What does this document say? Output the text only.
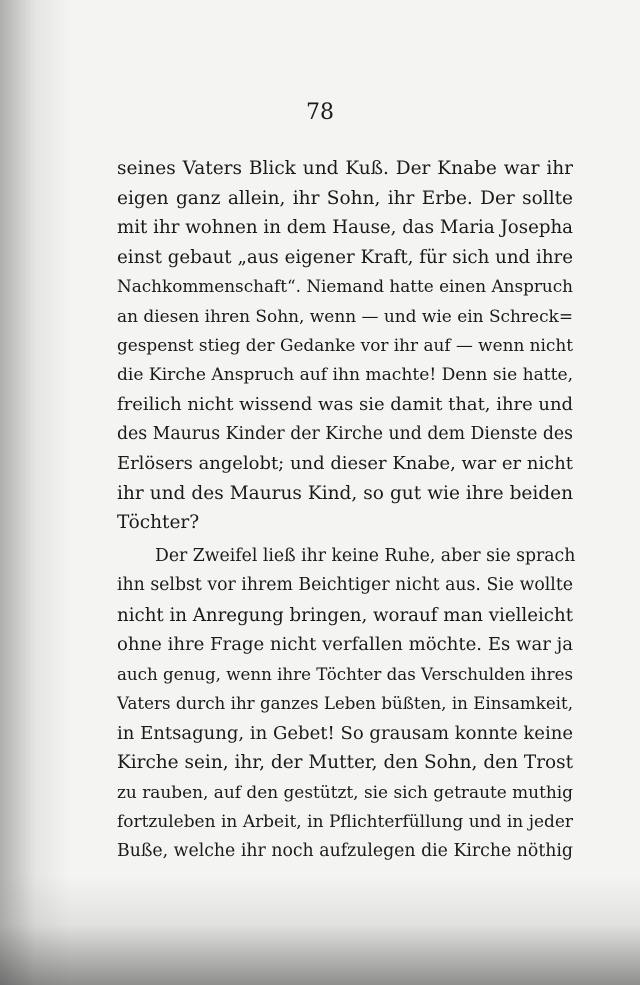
78
seines Vaters Blick und Kuß. Der Knabe war ihr
eigen ganz allein, ihr Sohn, ihr Erbe. Der sollte
mit ihr wohnen in dem Hause, das Maria Josepha
einst gebaut „aus eigener Kraft, für sich und ihre
Nachkommenschaft“. Niemand hatte einen Anspruch
an diesen ihren Sohn, wenn — und wie ein Schreck=
gespenst stieg der Gedanke vor ihr auf — wenn nicht
die Kirche Anspruch auf ihn machte! Denn sie hatte,
freilich nicht wissend was sie damit that, ihre und
des Maurus Kinder der Kirche und dem Dienste des
Erlösers angelobt; und dieser Knabe, war er nicht
ihr und des Maurus Kind, so gut wie ihre beiden
Töchter?
Der Zweifel ließ ihr keine Ruhe, aber sie sprach
ihn selbst vor ihrem Beichtiger nicht aus. Sie wollte
nicht in Anregung bringen, worauf man vielleicht
ohne ihre Frage nicht verfallen möchte. Es war ja
auch genug, wenn ihre Töchter das Verschulden ihres
Vaters durch ihr ganzes Leben büßten, in Einsamkeit,
in Entsagung, in Gebet! So grausam konnte keine
Kirche sein, ihr, der Mutter, den Sohn, den Trost
zu rauben, auf den gestützt, sie sich getraute muthig
fortzuleben in Arbeit, in Pflichterfüllung und in jeder
Buße, welche ihr noch aufzulegen die Kirche nöthig
